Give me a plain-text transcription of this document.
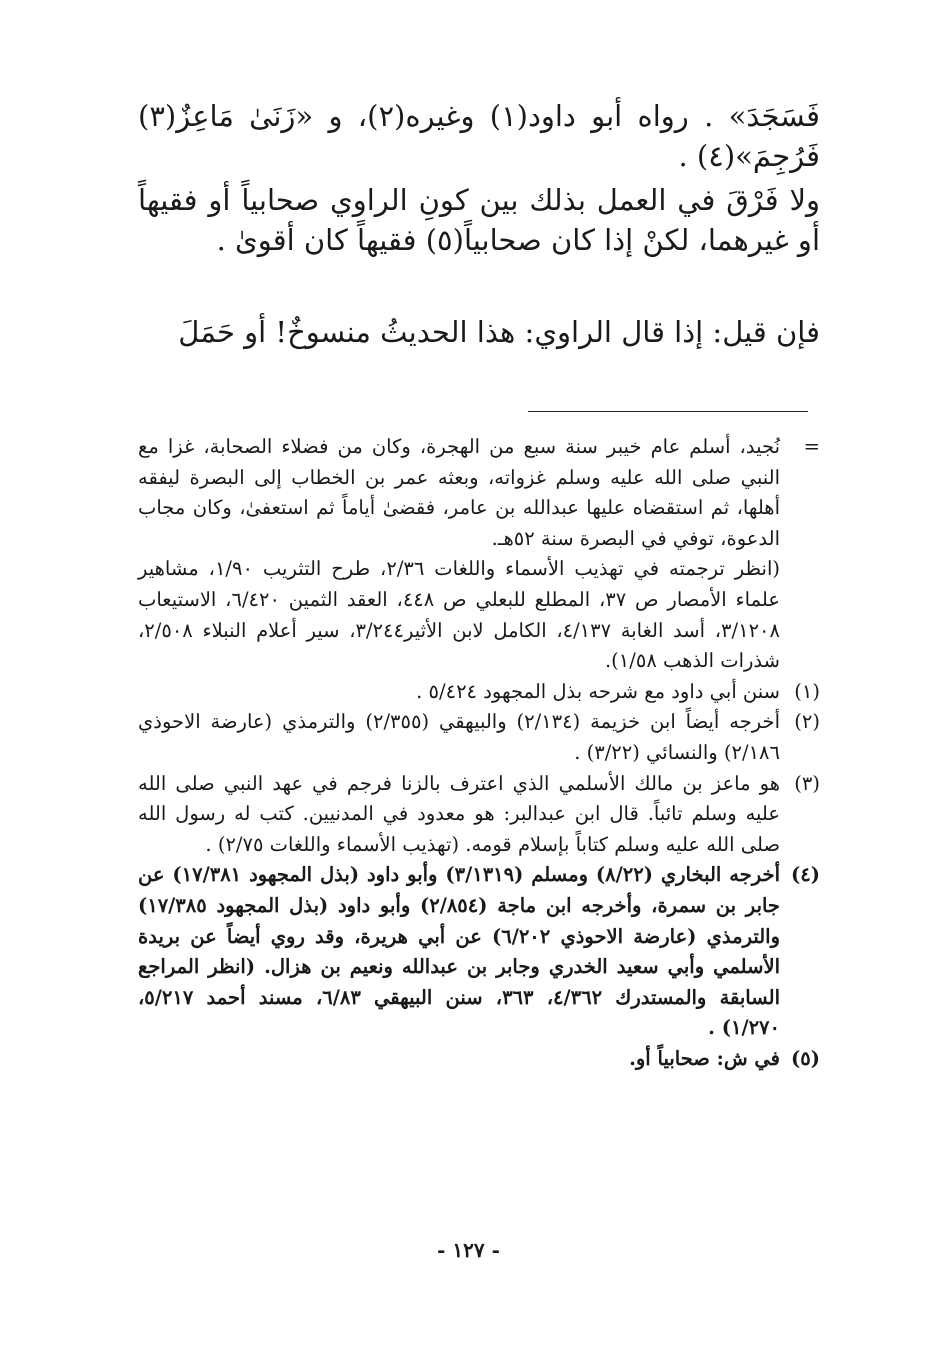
فَسَجَدَ» . رواه أبو داود(١) وغيره(٢)، و «زَنَىٰ مَاعِزٌ(٣) فَرُجِمَ»(٤) .
ولا فَرْقَ في العمل بذلك بين كونِ الراوي صحابياً أو فقيهاً أو غيرهما، لكنْ إذا كان صحابياً(٥) فقيهاً كان أقوىٰ .
فإن قيل: إذا قال الراوي: هذا الحديثُ منسوخٌ! أو حَمَلَ
=
نُجيد، أسلم عام خيبر سنة سبع من الهجرة، وكان من فضلاء الصحابة، غزا مع النبي صلى الله عليه وسلم غزواته، وبعثه عمر بن الخطاب إلى البصرة ليفقه أهلها، ثم استقضاه عليها عبدالله بن عامر، فقضىٰ أياماً ثم استعفىٰ، وكان مجاب الدعوة، توفي في البصرة سنة ٥٢هـ.
(انظر ترجمته في تهذيب الأسماء واللغات ٢/٣٦، طرح التثريب ١/٩٠، مشاهير علماء الأمصار ص ٣٧، المطلع للبعلي ص ٤٤٨، العقد الثمين ٦/٤٢٠، الاستيعاب ٣/١٢٠٨، أسد الغابة ٤/١٣٧، الكامل لابن الأثير٣/٢٤٤، سير أعلام النبلاء ٢/٥٠٨، شذرات الذهب ١/٥٨).
(١)
سنن أبي داود مع شرحه بذل المجهود ٥/٤٢٤ .
(٢)
أخرجه أيضاً ابن خزيمة (٢/١٣٤) والبيهقي (٢/٣٥٥) والترمذي (عارضة الاحوذي ٢/١٨٦) والنسائي (٣/٢٢) .
(٣)
هو ماعز بن مالك الأسلمي الذي اعترف بالزنا فرجم في عهد النبي صلى الله عليه وسلم تائباً. قال ابن عبدالبر: هو معدود في المدنيين. كتب له رسول الله صلى الله عليه وسلم كتاباً بإسلام قومه. (تهذيب الأسماء واللغات ٢/٧٥) .
(٤)
أخرجه البخاري (٨/٢٢) ومسلم (٣/١٣١٩) وأبو داود (بذل المجهود ١٧/٣٨١) عن جابر بن سمرة، وأخرجه ابن ماجة (٢/٨٥٤) وأبو داود (بذل المجهود ١٧/٣٨٥) والترمذي (عارضة الاحوذي ٦/٢٠٢) عن أبي هريرة، وقد روي أيضاً عن بريدة الأسلمي وأبي سعيد الخدري وجابر بن عبدالله ونعيم بن هزال. (انظر المراجع السابقة والمستدرك ٤/٣٦٢، ٣٦٣، سنن البيهقي ٦/٨٣، مسند أحمد ٥/٢١٧، ١/٢٧٠) .
(٥)
في ش: صحابياً أو.
- ١٢٧ -
